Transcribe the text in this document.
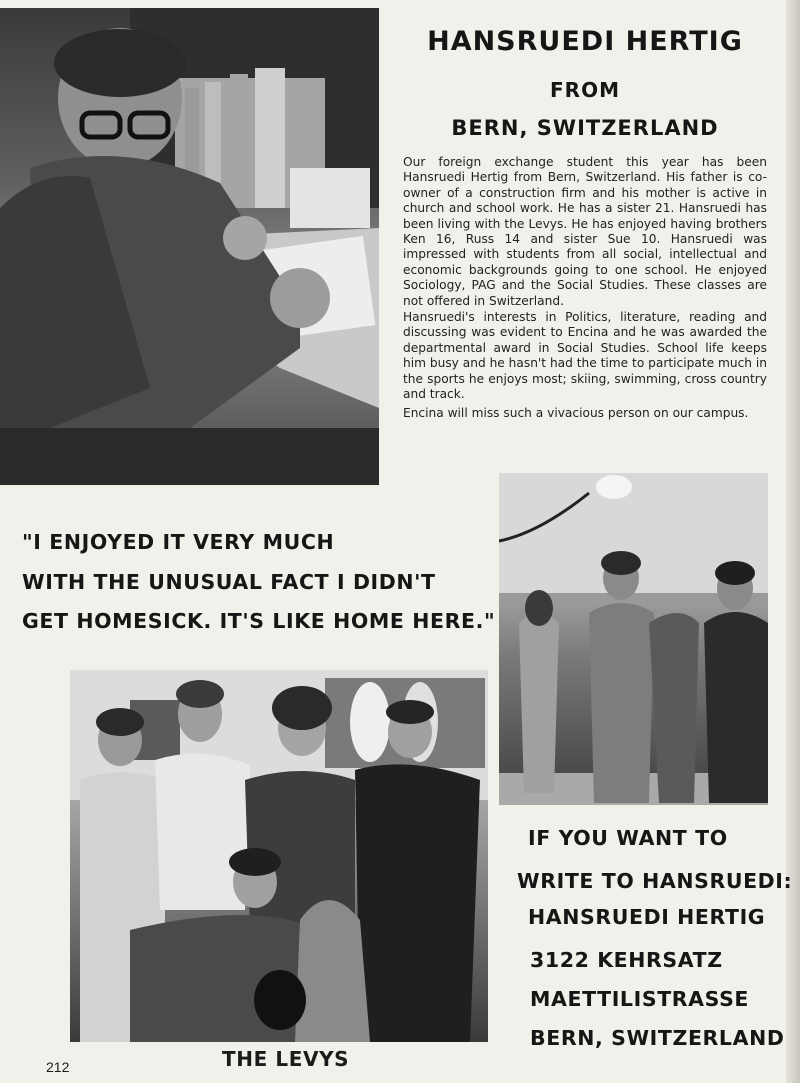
HANSRUEDI HERTIG
FROM
BERN, SWITZERLAND

Our foreign exchange student this year has been Hansruedi Hertig from Bern, Switzerland. His father is co-owner of a construction firm and his mother is active in church and school work. He has a sister 21. Hansruedi has been living with the Levys. He has enjoyed having brothers Ken 16, Russ 14 and sister Sue 10. Hansruedi was impressed with students from all social, intellectual and economic backgrounds going to one school. He enjoyed Sociology, PAG and the Social Studies. These classes are not offered in Switzerland.

Hansruedi's interests in Politics, literature, reading and discussing was evident to Encina and he was awarded the departmental award in Social Studies. School life keeps him busy and he hasn't had the time to participate much in the sports he enjoys most; skiing, swimming, cross country and track.

Encina will miss such a vivacious person on our campus.

"I ENJOYED IT VERY MUCH

WITH THE UNUSUAL FACT I DIDN'T

GET HOMESICK. IT'S LIKE HOME HERE."

THE LEVYS

IF YOU WANT TO

WRITE TO HANSRUEDI:

HANSRUEDI HERTIG

3122 KEHRSATZ

MAETTILISTRASSE

BERN, SWITZERLAND

212
